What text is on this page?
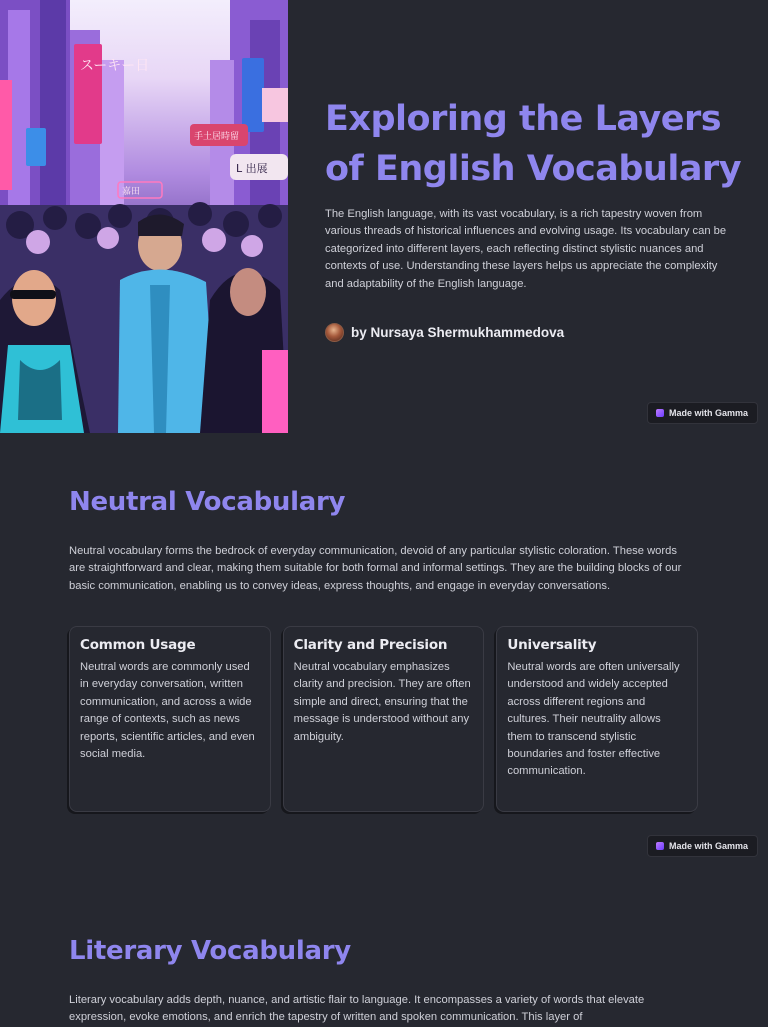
スーキー日
手土居時留
L 出展
嘉田
Exploring the Layers of English Vocabulary

The English language, with its vast vocabulary, is a rich tapestry woven from various threads of historical influences and evolving usage. Its vocabulary can be categorized into different layers, each reflecting distinct stylistic nuances and contexts of use. Understanding these layers helps us appreciate the complexity and adaptability of the English language.

by Nursaya Shermukhammedova
Made with Gamma
Neutral Vocabulary

Neutral vocabulary forms the bedrock of everyday communication, devoid of any particular stylistic coloration. These words are straightforward and clear, making them suitable for both formal and informal settings. They are the building blocks of our basic communication, enabling us to convey ideas, express thoughts, and engage in everyday conversations.

Common Usage

Neutral words are commonly used in everyday conversation, written communication, and across a wide range of contexts, such as news reports, scientific articles, and even social media.

Clarity and Precision

Neutral vocabulary emphasizes clarity and precision. They are often simple and direct, ensuring that the message is understood without any ambiguity.

Universality

Neutral words are often universally understood and widely accepted across different regions and cultures. Their neutrality allows them to transcend stylistic boundaries and foster effective communication.

Made with Gamma
Literary Vocabulary

Literary vocabulary adds depth, nuance, and artistic flair to language. It encompasses a variety of words that elevate expression, evoke emotions, and enrich the tapestry of written and spoken communication. This layer of
